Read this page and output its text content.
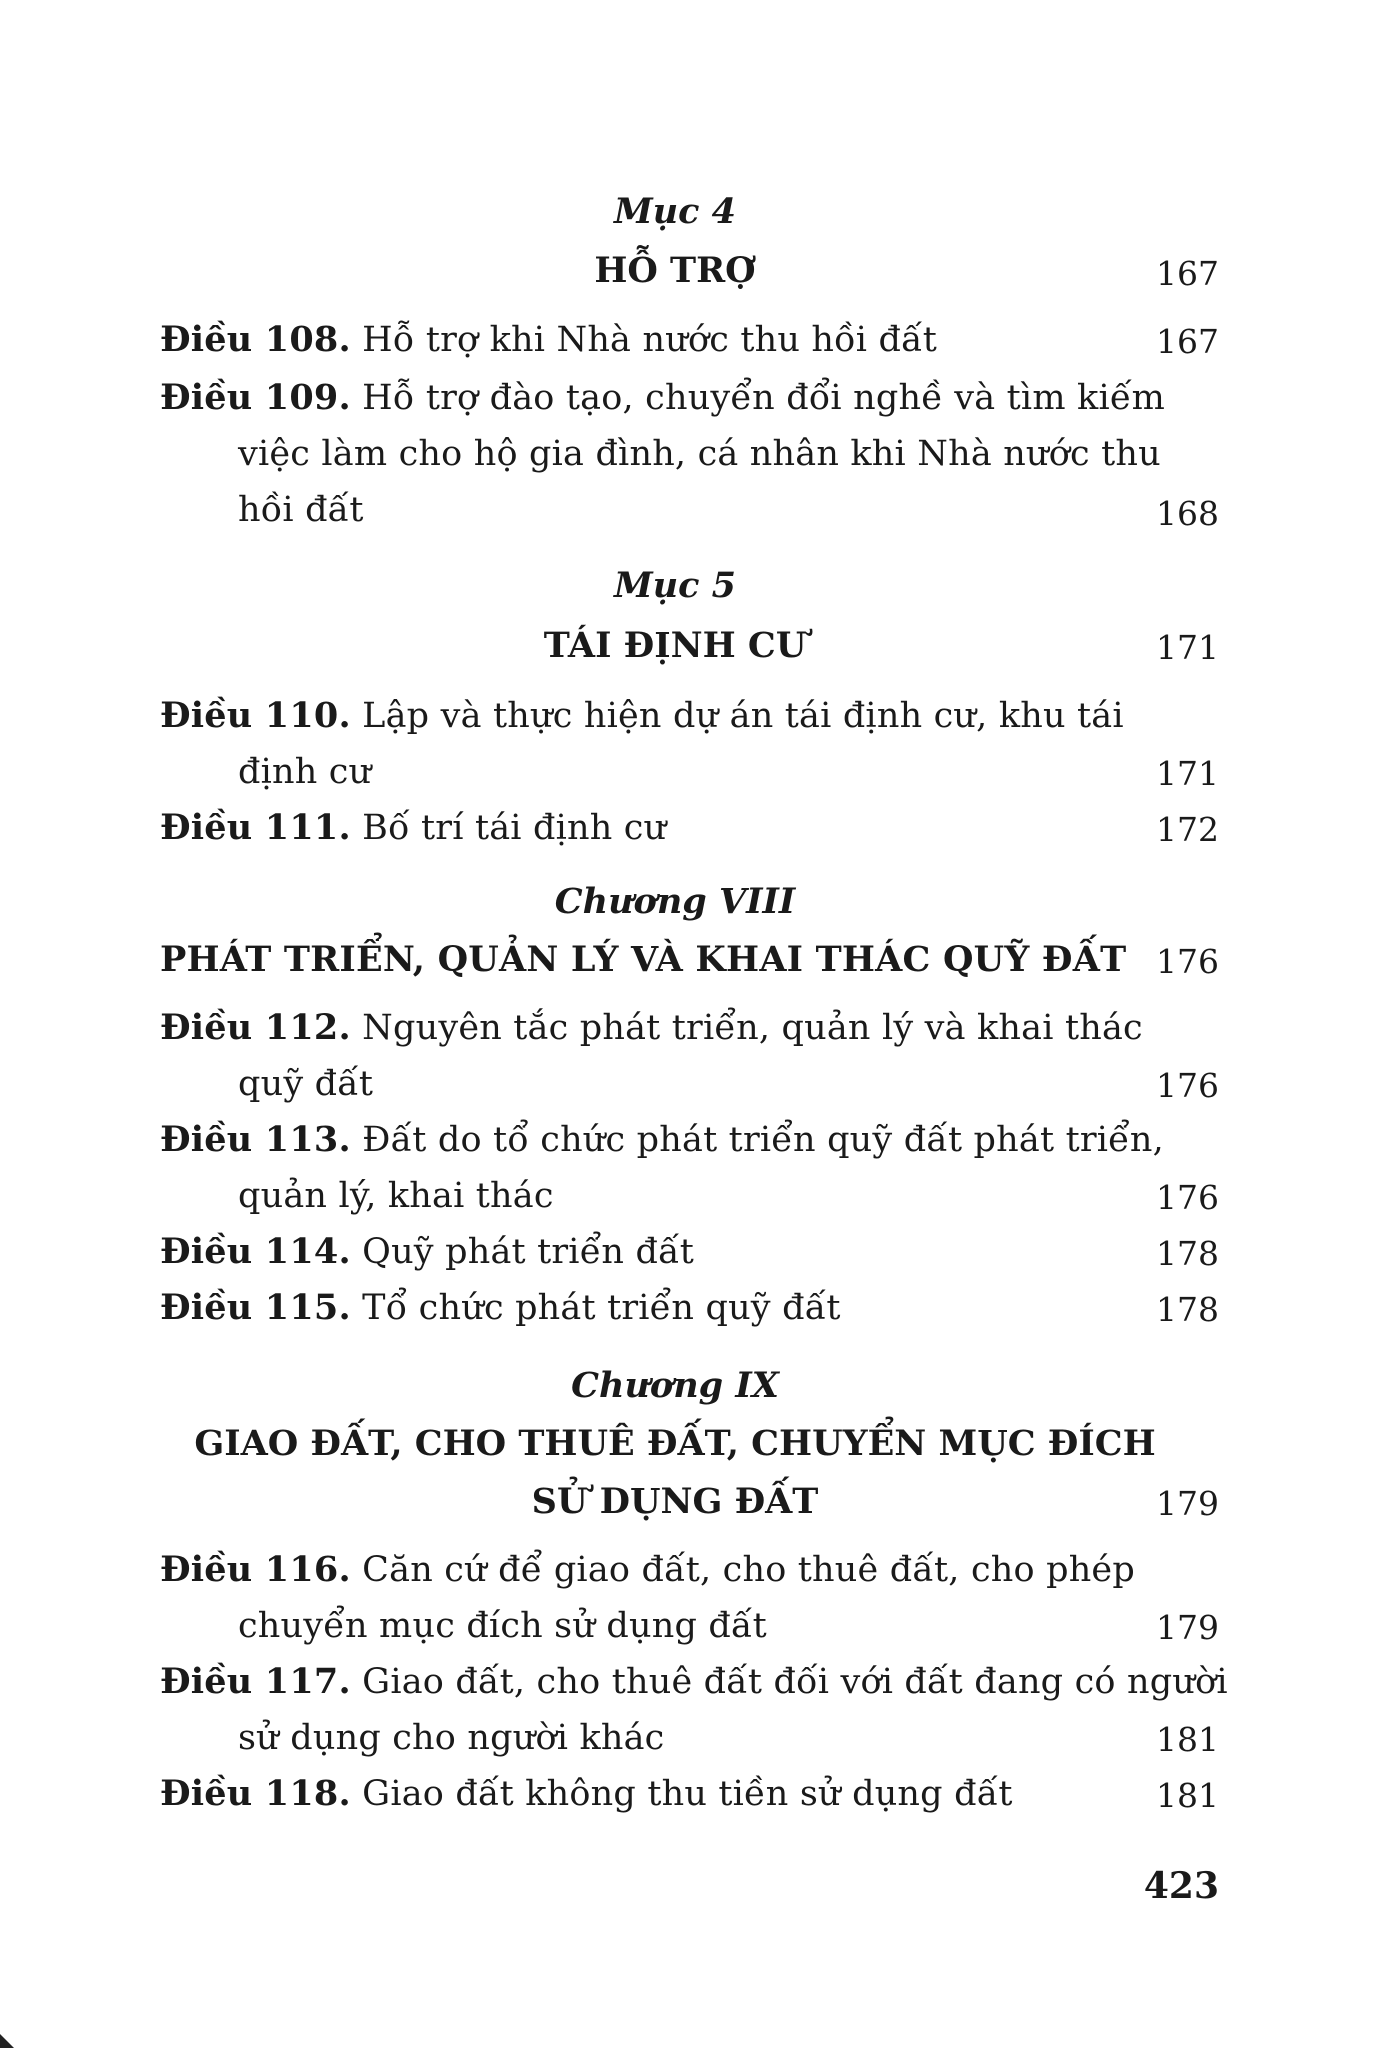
Mục 4
HỖ TRỢ	167
Điều 108. Hỗ trợ khi Nhà nước thu hồi đất	167
Điều 109. Hỗ trợ đào tạo, chuyển đổi nghề và tìm kiếm
việc làm cho hộ gia đình, cá nhân khi Nhà nước thu
hồi đất	168
Mục 5
TÁI ĐỊNH CƯ	171
Điều 110. Lập và thực hiện dự án tái định cư, khu tái
định cư	171
Điều 111. Bố trí tái định cư	172
Chương VIII
PHÁT TRIỂN, QUẢN LÝ VÀ KHAI THÁC QUỸ ĐẤT 176
Điều 112. Nguyên tắc phát triển, quản lý và khai thác
quỹ đất	176
Điều 113. Đất do tổ chức phát triển quỹ đất phát triển,
quản lý, khai thác	176
Điều 114. Quỹ phát triển đất	178
Điều 115. Tổ chức phát triển quỹ đất	178
Chương IX
GIAO ĐẤT, CHO THUÊ ĐẤT, CHUYỂN MỤC ĐÍCH
SỬ DỤNG ĐẤT	179
Điều 116. Căn cứ để giao đất, cho thuê đất, cho phép
chuyển mục đích sử dụng đất	179
Điều 117. Giao đất, cho thuê đất đối với đất đang có người
sử dụng cho người khác	181
Điều 118. Giao đất không thu tiền sử dụng đất	181
423
